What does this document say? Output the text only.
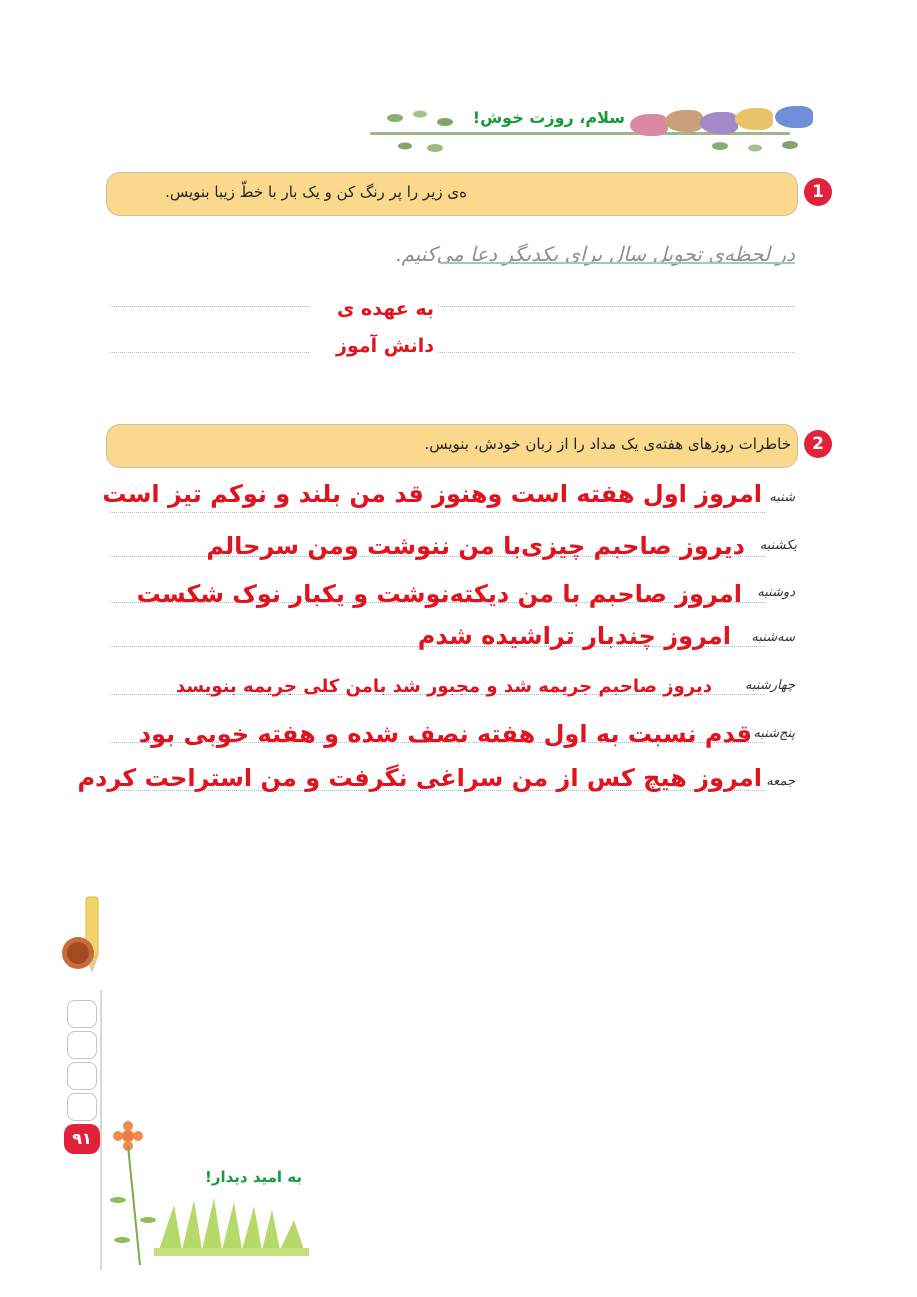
سلام، روزت خوش!
ه‌ی زیر را پر رنگ کن و یک بار با خطّ زیبا بنویس.	1
در لحظه‌ی تحویل سال برای یکدیگر دعا می‌کنیم.
به عهده ی
دانش آموز
خاطرات روزهای هفته‌ی یک مداد را از زبان خودش، بنویس.	2
شنبه
امروز اول هفته است وهنوز قد من بلند و نوکم تیز است
یکشنبه
دیروز صاحبم چیزی‌با من ننوشت ومن سرحالم
دوشنبه
امروز صاحبم با من دیکته‌نوشت و یکبار نوک شکست
سه‌شنبه
امروز چندبار تراشیده شدم
چهارشنبه
دیروز صاحبم جریمه شد و مجبور شد بامن کلی جریمه بنویسد
پنج‌شنبه
قدم نسبت به اول هفته نصف شده و هفته خوبی بود
جمعه
امروز هیچ کس از من سراغی نگرفت و من استراحت کردم
۹۱
به امید دیدار!
